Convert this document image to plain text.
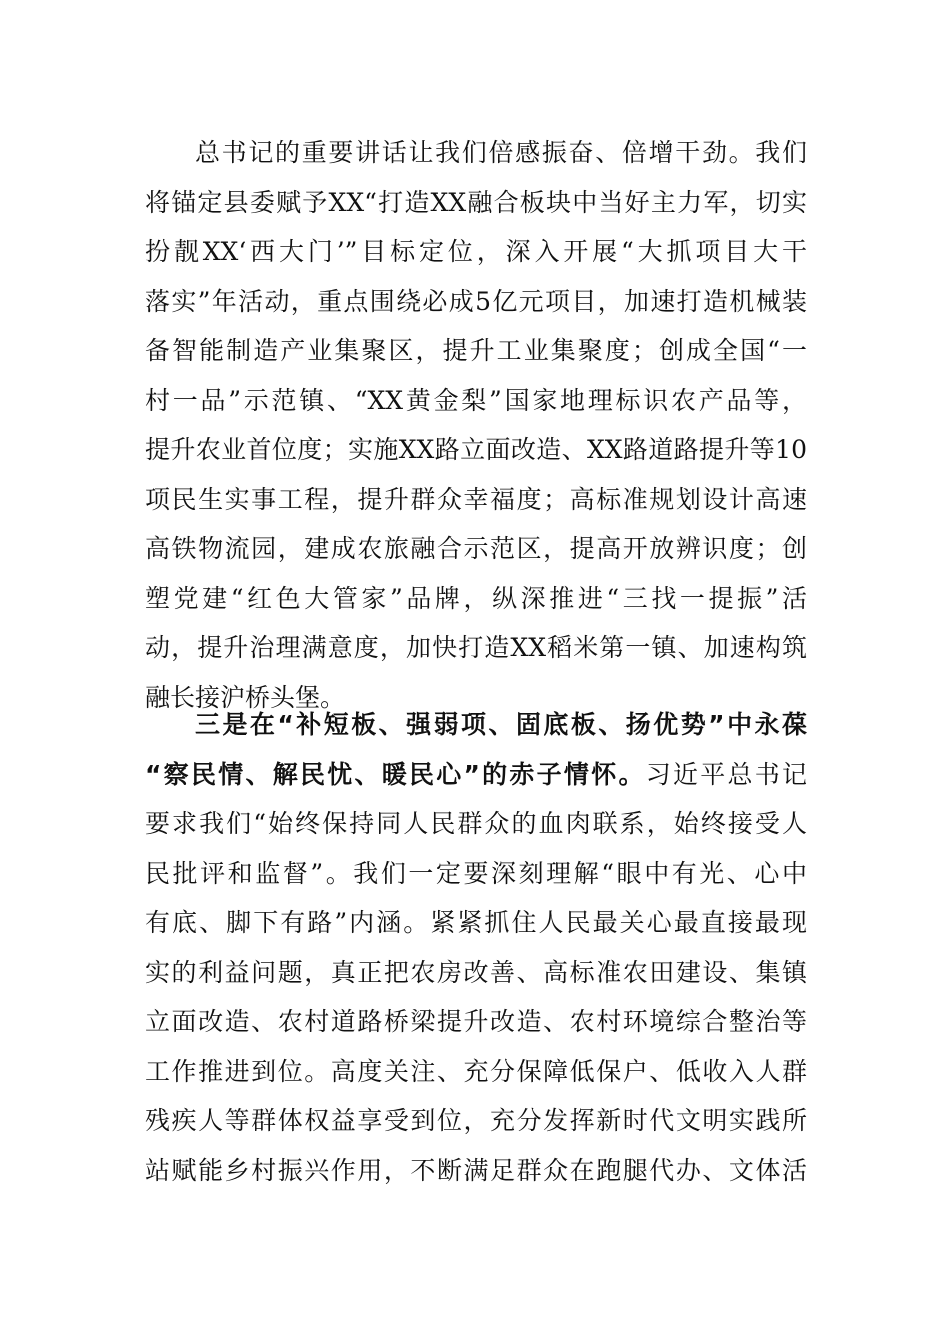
总书记的重要讲话让我们倍感振奋、倍增干劲。我们
将锚定县委赋予XX“打造XX融合板块中当好主力军，切实
扮靓XX‘西大门’”目标定位，深入开展“大抓项目大干
落实”年活动，重点围绕必成5亿元项目，加速打造机械装
备智能制造产业集聚区，提升工业集聚度；创成全国“一
村一品”示范镇、“XX黄金梨”国家地理标识农产品等，
提升农业首位度；实施XX路立面改造、XX路道路提升等10
项民生实事工程，提升群众幸福度；高标准规划设计高速
高铁物流园，建成农旅融合示范区，提高开放辨识度；创
塑党建“红色大管家”品牌，纵深推进“三找一提振”活
动，提升治理满意度，加快打造XX稻米第一镇、加速构筑
融长接沪桥头堡。
三是在“补短板、强弱项、固底板、扬优势”中永葆
“察民情、解民忧、暖民心”的赤子情怀。习近平总书记
要求我们“始终保持同人民群众的血肉联系，始终接受人
民批评和监督”。我们一定要深刻理解“眼中有光、心中
有底、脚下有路”内涵。紧紧抓住人民最关心最直接最现
实的利益问题，真正把农房改善、高标准农田建设、集镇
立面改造、农村道路桥梁提升改造、农村环境综合整治等
工作推进到位。高度关注、充分保障低保户、低收入人群
残疾人等群体权益享受到位，充分发挥新时代文明实践所
站赋能乡村振兴作用，不断满足群众在跑腿代办、文体活
